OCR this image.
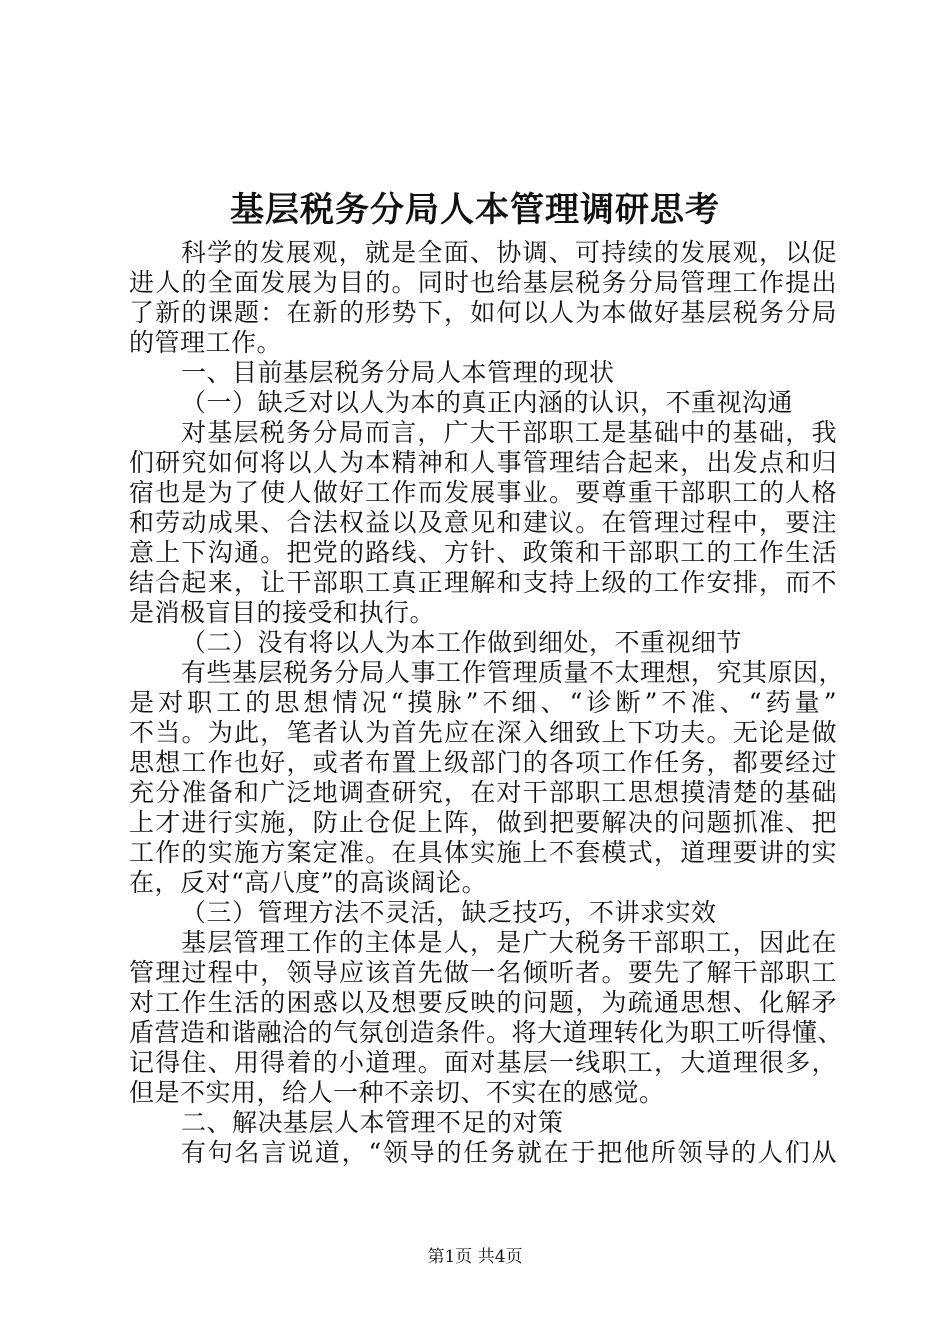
基层税务分局人本管理调研思考
科学的发展观，就是全面、协调、可持续的发展观，以促
进人的全面发展为目的。同时也给基层税务分局管理工作提出
了新的课题：在新的形势下，如何以人为本做好基层税务分局
的管理工作。
一、目前基层税务分局人本管理的现状
（一）缺乏对以人为本的真正内涵的认识，不重视沟通
对基层税务分局而言，广大干部职工是基础中的基础，我
们研究如何将以人为本精神和人事管理结合起来，出发点和归
宿也是为了使人做好工作而发展事业。要尊重干部职工的人格
和劳动成果、合法权益以及意见和建议。在管理过程中，要注
意上下沟通。把党的路线、方针、政策和干部职工的工作生活
结合起来，让干部职工真正理解和支持上级的工作安排，而不
是消极盲目的接受和执行。
（二）没有将以人为本工作做到细处，不重视细节
有些基层税务分局人事工作管理质量不太理想，究其原因，
是对职工的思想情况“摸脉”不细、“诊断”不准、“药量”
不当。为此，笔者认为首先应在深入细致上下功夫。无论是做
思想工作也好，或者布置上级部门的各项工作任务，都要经过
充分准备和广泛地调查研究，在对干部职工思想摸清楚的基础
上才进行实施，防止仓促上阵，做到把要解决的问题抓准、把
工作的实施方案定准。在具体实施上不套模式，道理要讲的实
在，反对“高八度”的高谈阔论。
（三）管理方法不灵活，缺乏技巧，不讲求实效
基层管理工作的主体是人，是广大税务干部职工，因此在
管理过程中，领导应该首先做一名倾听者。要先了解干部职工
对工作生活的困惑以及想要反映的问题，为疏通思想、化解矛
盾营造和谐融洽的气氛创造条件。将大道理转化为职工听得懂、
记得住、用得着的小道理。面对基层一线职工，大道理很多，
但是不实用，给人一种不亲切、不实在的感觉。
二、解决基层人本管理不足的对策
有句名言说道，“领导的任务就在于把他所领导的人们从
第1页 共4页
